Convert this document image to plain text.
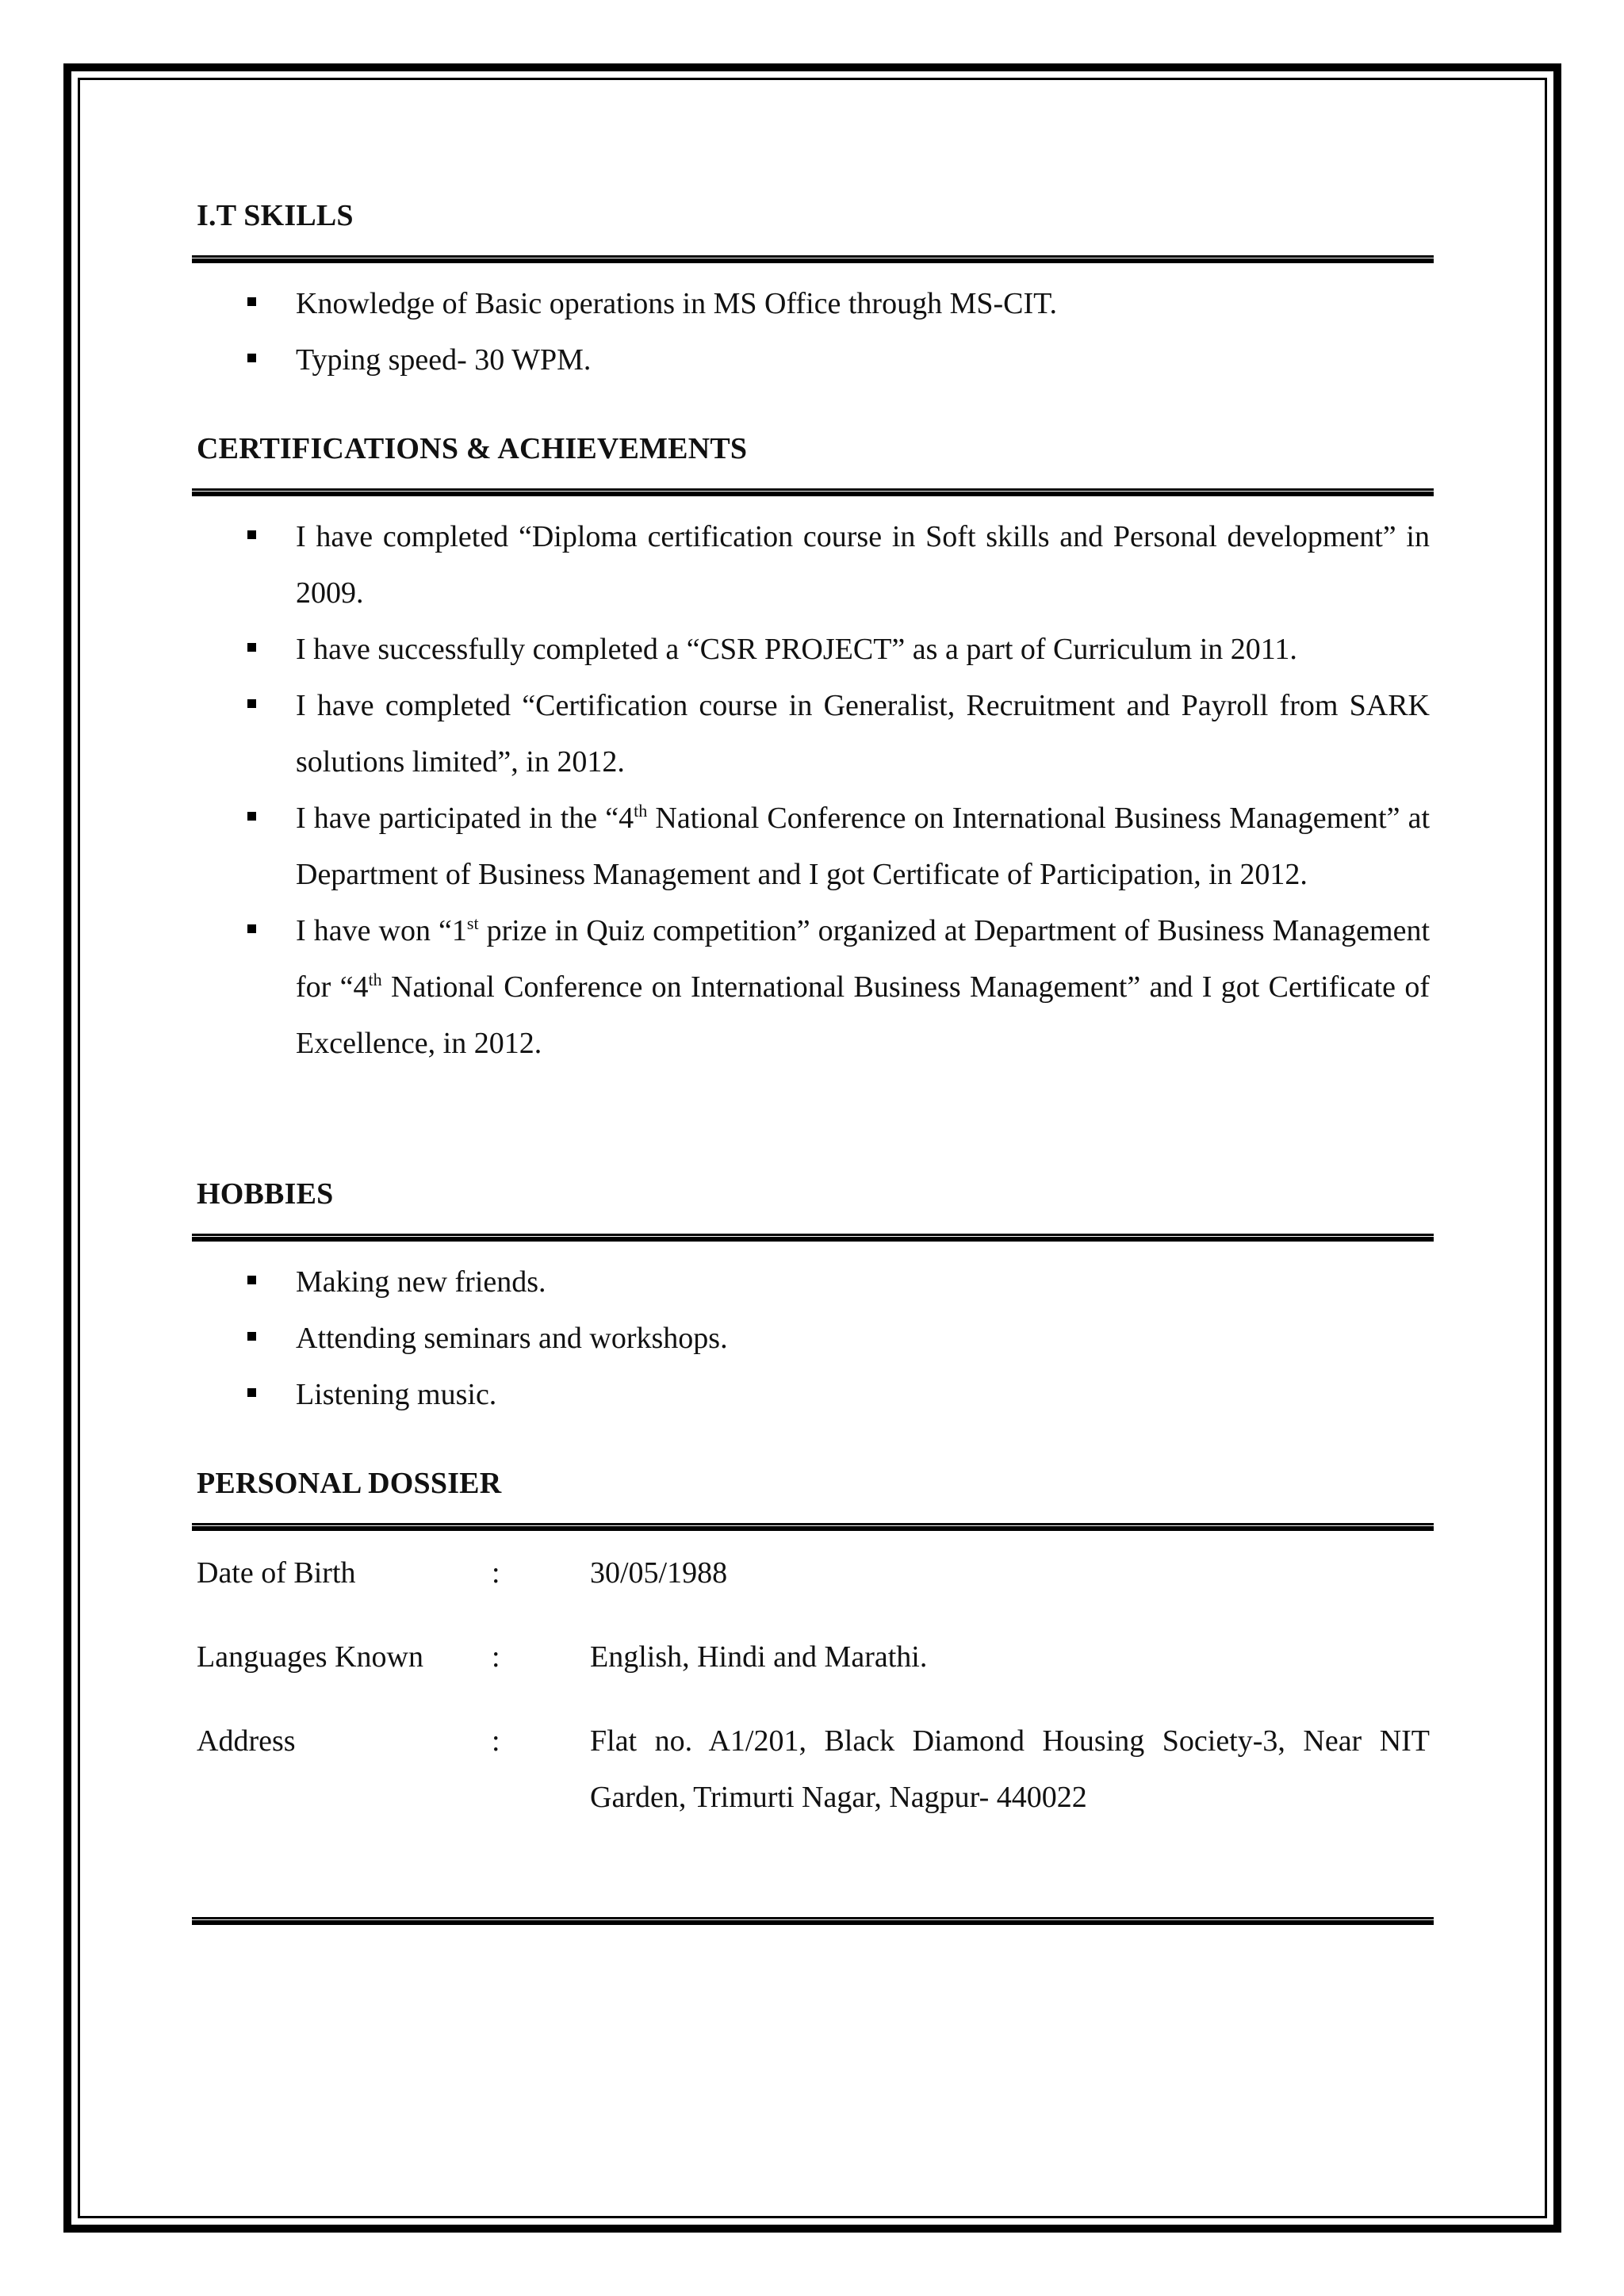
I.T SKILLS
Knowledge of Basic operations in MS Office through MS-CIT.
Typing speed- 30 WPM.
CERTIFICATIONS & ACHIEVEMENTS
I have completed “Diploma certification course in Soft skills and Personal development” in 2009.
I have successfully completed a “CSR PROJECT” as a part of Curriculum in 2011.
I have completed “Certification course in Generalist, Recruitment and Payroll from SARK solutions limited”, in 2012.
I have participated in the “4th National Conference on International Business Management” at Department of Business Management and I got Certificate of Participation, in 2012.
I have won “1st prize in Quiz competition” organized at Department of Business Management for “4th National Conference on International Business Management” and I got Certificate of Excellence, in 2012.
HOBBIES
Making new friends.
Attending seminars and workshops.
Listening music.
PERSONAL DOSSIER
Date of Birth	:	30/05/1988
Languages Known :	English, Hindi and Marathi.
Address	:	Flat no. A1/201, Black Diamond Housing Society-3, Near NIT Garden, Trimurti Nagar, Nagpur- 440022
